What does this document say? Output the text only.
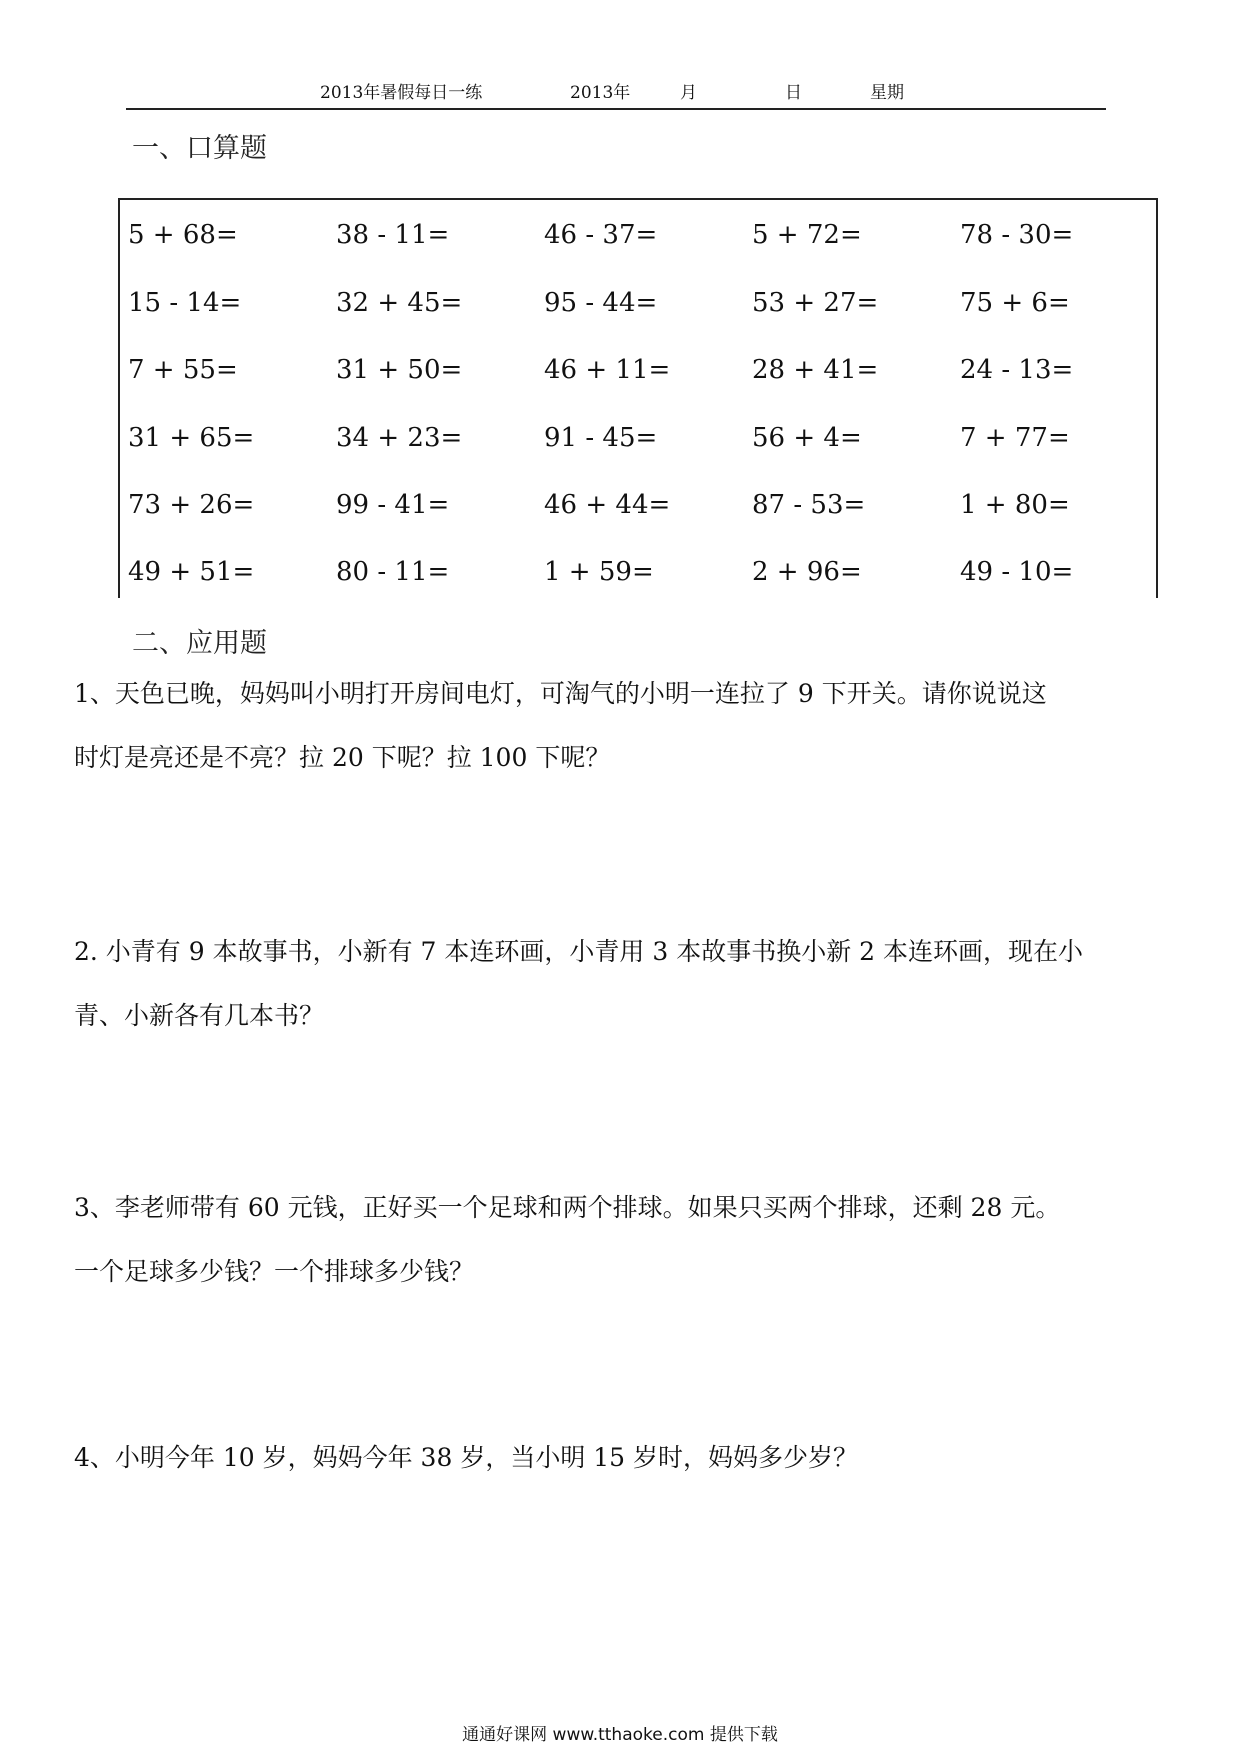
2013年暑假每日一练	2013年	月	日	星期
一、口算题
5 + 68=	38 - 11=	46 - 37=	5 + 72=	78 - 30=
15 - 14=	32 + 45=	95 - 44=	53 + 27=	75 + 6=
7 + 55=	31 + 50=	46 + 11=	28 + 41=	24 - 13=
31 + 65=	34 + 23=	91 - 45=	56 + 4=	7 + 77=
73 + 26=	99 - 41=	46 + 44=	87 - 53=	1 + 80=
49 + 51=	80 - 11=	1 + 59=	2 + 96=	49 - 10=
二、应用题
1、天色已晚，妈妈叫小明打开房间电灯，可淘气的小明一连拉了 9 下开关。请你说说这
时灯是亮还是不亮？拉 20 下呢？拉 100 下呢？
2. 小青有 9 本故事书，小新有 7 本连环画，小青用 3 本故事书换小新 2 本连环画，现在小
青、小新各有几本书？
3、李老师带有 60 元钱，正好买一个足球和两个排球。如果只买两个排球，还剩 28 元。
一个足球多少钱？一个排球多少钱？
4、小明今年 10 岁，妈妈今年 38 岁，当小明 15 岁时，妈妈多少岁？
通通好课网 www.tthaoke.com 提供下载
